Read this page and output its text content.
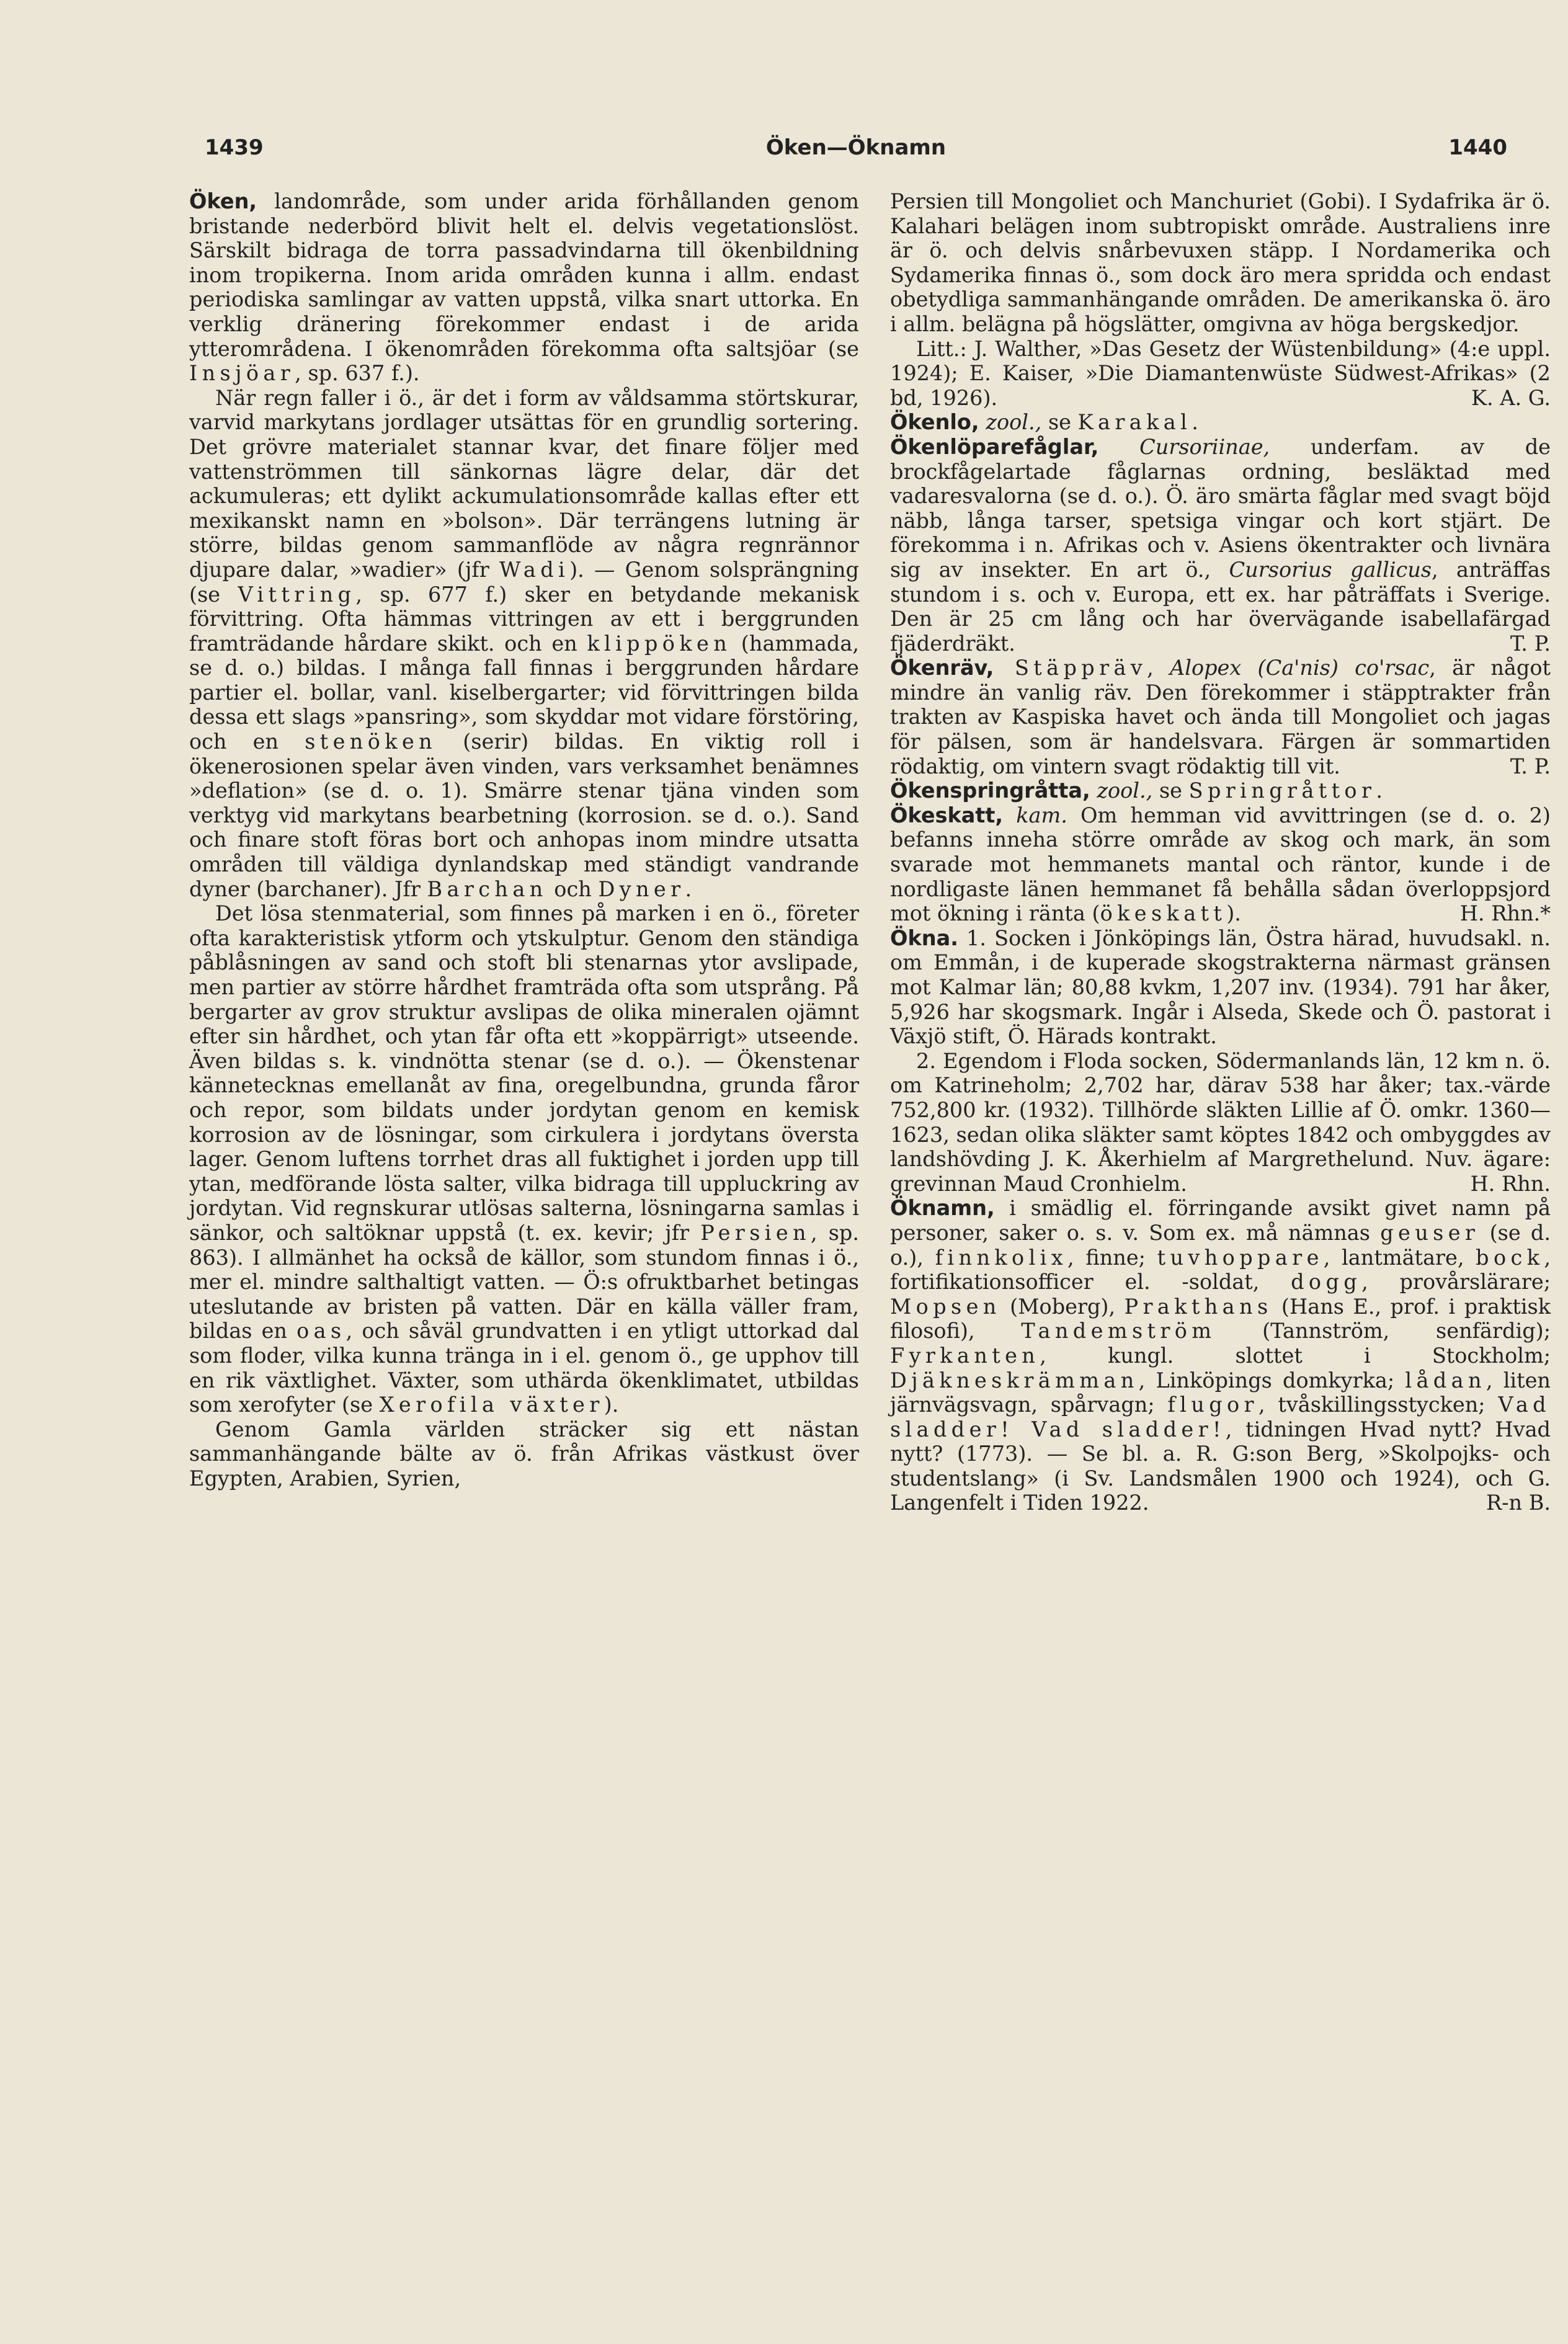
1439	Öken—Öknamn	1440

Öken, landområde, som under arida förhållanden genom bristande nederbörd blivit helt el. delvis vegetationslöst. Särskilt bidraga de torra passadvindarna till ökenbildning inom tropikerna. Inom arida områden kunna i allm. endast periodiska samlingar av vatten uppstå, vilka snart uttorka. En verklig dränering förekommer endast i de arida ytterområdena. I ökenområden förekomma ofta saltsjöar (se Insjöar, sp. 637 f.).

När regn faller i ö., är det i form av våldsamma störtskurar, varvid markytans jordlager utsättas för en grundlig sortering. Det grövre materialet stannar kvar, det finare följer med vattenströmmen till sänkornas lägre delar, där det ackumuleras; ett dylikt ackumulationsområde kallas efter ett mexikanskt namn en »bolson». Där terrängens lutning är större, bildas genom sammanflöde av några regnrännor djupare dalar, »wadier» (jfr Wadi). — Genom solsprängning (se Vittring, sp. 677 f.) sker en betydande mekanisk förvittring. Ofta hämmas vittringen av ett i berggrunden framträdande hårdare skikt. och en klippöken (hammada, se d. o.) bildas. I många fall finnas i berggrunden hårdare partier el. bollar, vanl. kiselbergarter; vid förvittringen bilda dessa ett slags »pansring», som skyddar mot vidare förstöring, och en stenöken (serir) bildas. En viktig roll i ökenerosionen spelar även vinden, vars verksamhet benämnes »deflation» (se d. o. 1). Smärre stenar tjäna vinden som verktyg vid markytans bearbetning (korrosion. se d. o.). Sand och finare stoft föras bort och anhopas inom mindre utsatta områden till väldiga dynlandskap med ständigt vandrande dyner (barchaner). Jfr Barchan och Dyner.

Det lösa stenmaterial, som finnes på marken i en ö., företer ofta karakteristisk ytform och ytskulptur. Genom den ständiga påblåsningen av sand och stoft bli stenarnas ytor avslipade, men partier av större hårdhet framträda ofta som utsprång. På bergarter av grov struktur avslipas de olika mineralen ojämnt efter sin hårdhet, och ytan får ofta ett »koppärrigt» utseende. Även bildas s. k. vindnötta stenar (se d. o.). — Ökenstenar kännetecknas emellanåt av fina, oregelbundna, grunda fåror och repor, som bildats under jordytan genom en kemisk korrosion av de lösningar, som cirkulera i jordytans översta lager. Genom luftens torrhet dras all fuktighet i jorden upp till ytan, medförande lösta salter, vilka bidraga till uppluckring av jordytan. Vid regnskurar utlösas salterna, lösningarna samlas i sänkor, och saltöknar uppstå (t. ex. kevir; jfr Persien, sp. 863). I allmänhet ha också de källor, som stundom finnas i ö., mer el. mindre salthaltigt vatten. — Ö:s ofruktbarhet betingas uteslutande av bristen på vatten. Där en källa väller fram, bildas en oas, och såväl grundvatten i en ytligt uttorkad dal som floder, vilka kunna tränga in i el. genom ö., ge upphov till en rik växtlighet. Växter, som uthärda ökenklimatet, utbildas som xerofyter (se Xerofila växter).

Genom Gamla världen sträcker sig ett nästan sammanhängande bälte av ö. från Afrikas västkust över Egypten, Arabien, Syrien,

Persien till Mongoliet och Manchuriet (Gobi). I Sydafrika är ö. Kalahari belägen inom subtropiskt område. Australiens inre är ö. och delvis snårbevuxen stäpp. I Nordamerika och Sydamerika finnas ö., som dock äro mera spridda och endast obetydliga sammanhängande områden. De amerikanska ö. äro i allm. belägna på högslätter, omgivna av höga bergskedjor.

Litt.: J. Walther, »Das Gesetz der Wüstenbildung» (4:e uppl. 1924); E. Kaiser, »Die Diamantenwüste Südwest-Afrikas» (2 bd, 1926).	K. A. G.

Ökenlo, zool., se Karakal.

Ökenlöparefåglar, Cursoriinae, underfam. av de brockfågelartade fåglarnas ordning, besläktad med vadaresvalorna (se d. o.). Ö. äro smärta fåglar med svagt böjd näbb, långa tarser, spetsiga vingar och kort stjärt. De förekomma i n. Afrikas och v. Asiens ökentrakter och livnära sig av insekter. En art ö., Cursorius gallicus, anträffas stundom i s. och v. Europa, ett ex. har påträffats i Sverige. Den är 25 cm lång och har övervägande isabellafärgad fjäderdräkt.	T. P.

Ökenräv, Stäppräv, Alopex (Ca'nis) co'rsac, är något mindre än vanlig räv. Den förekommer i stäpptrakter från trakten av Kaspiska havet och ända till Mongoliet och jagas för pälsen, som är handelsvara. Färgen är sommartiden rödaktig, om vintern svagt rödaktig till vit.	T. P.

Ökenspringråtta, zool., se Springråttor.

Ökeskatt, kam. Om hemman vid avvittringen (se d. o. 2) befanns inneha större område av skog och mark, än som svarade mot hemmanets mantal och räntor, kunde i de nordligaste länen hemmanet få behålla sådan överloppsjord mot ökning i ränta (ökeskatt).	H. Rhn.*

Ökna. 1. Socken i Jönköpings län, Östra härad, huvudsakl. n. om Emmån, i de kuperade skogstrakterna närmast gränsen mot Kalmar län; 80,88 kvkm, 1,207 inv. (1934). 791 har åker, 5,926 har skogsmark. Ingår i Alseda, Skede och Ö. pastorat i Växjö stift, Ö. Härads kontrakt.

2. Egendom i Floda socken, Södermanlands län, 12 km n. ö. om Katrineholm; 2,702 har, därav 538 har åker; tax.-värde 752,800 kr. (1932). Tillhörde släkten Lillie af Ö. omkr. 1360—1623, sedan olika släkter samt köptes 1842 och ombyggdes av landshövding J. K. Åkerhielm af Margrethelund. Nuv. ägare: grevinnan Maud Cronhielm.	H. Rhn.

Öknamn, i smädlig el. förringande avsikt givet namn på personer, saker o. s. v. Som ex. må nämnas geuser (se d. o.), finnkolix, finne; tuvhoppare, lantmätare, bock, fortifikationsofficer el. -soldat, dogg, provårslärare; Mopsen (Moberg), Prakthans (Hans E., prof. i praktisk filosofi), Tandemström (Tannström, senfärdig); Fyrkanten, kungl. slottet i Stockholm; Djäkneskrämman, Linköpings domkyrka; lådan, liten järnvägsvagn, spårvagn; flugor, tvåskillingsstycken; Vad sladder! Vad sladder!, tidningen Hvad nytt? Hvad nytt? (1773). — Se bl. a. R. G:son Berg, »Skolpojks- och studentslang» (i Sv. Landsmålen 1900 och 1924), och G. Langenfelt i Tiden 1922.	R-n B.
